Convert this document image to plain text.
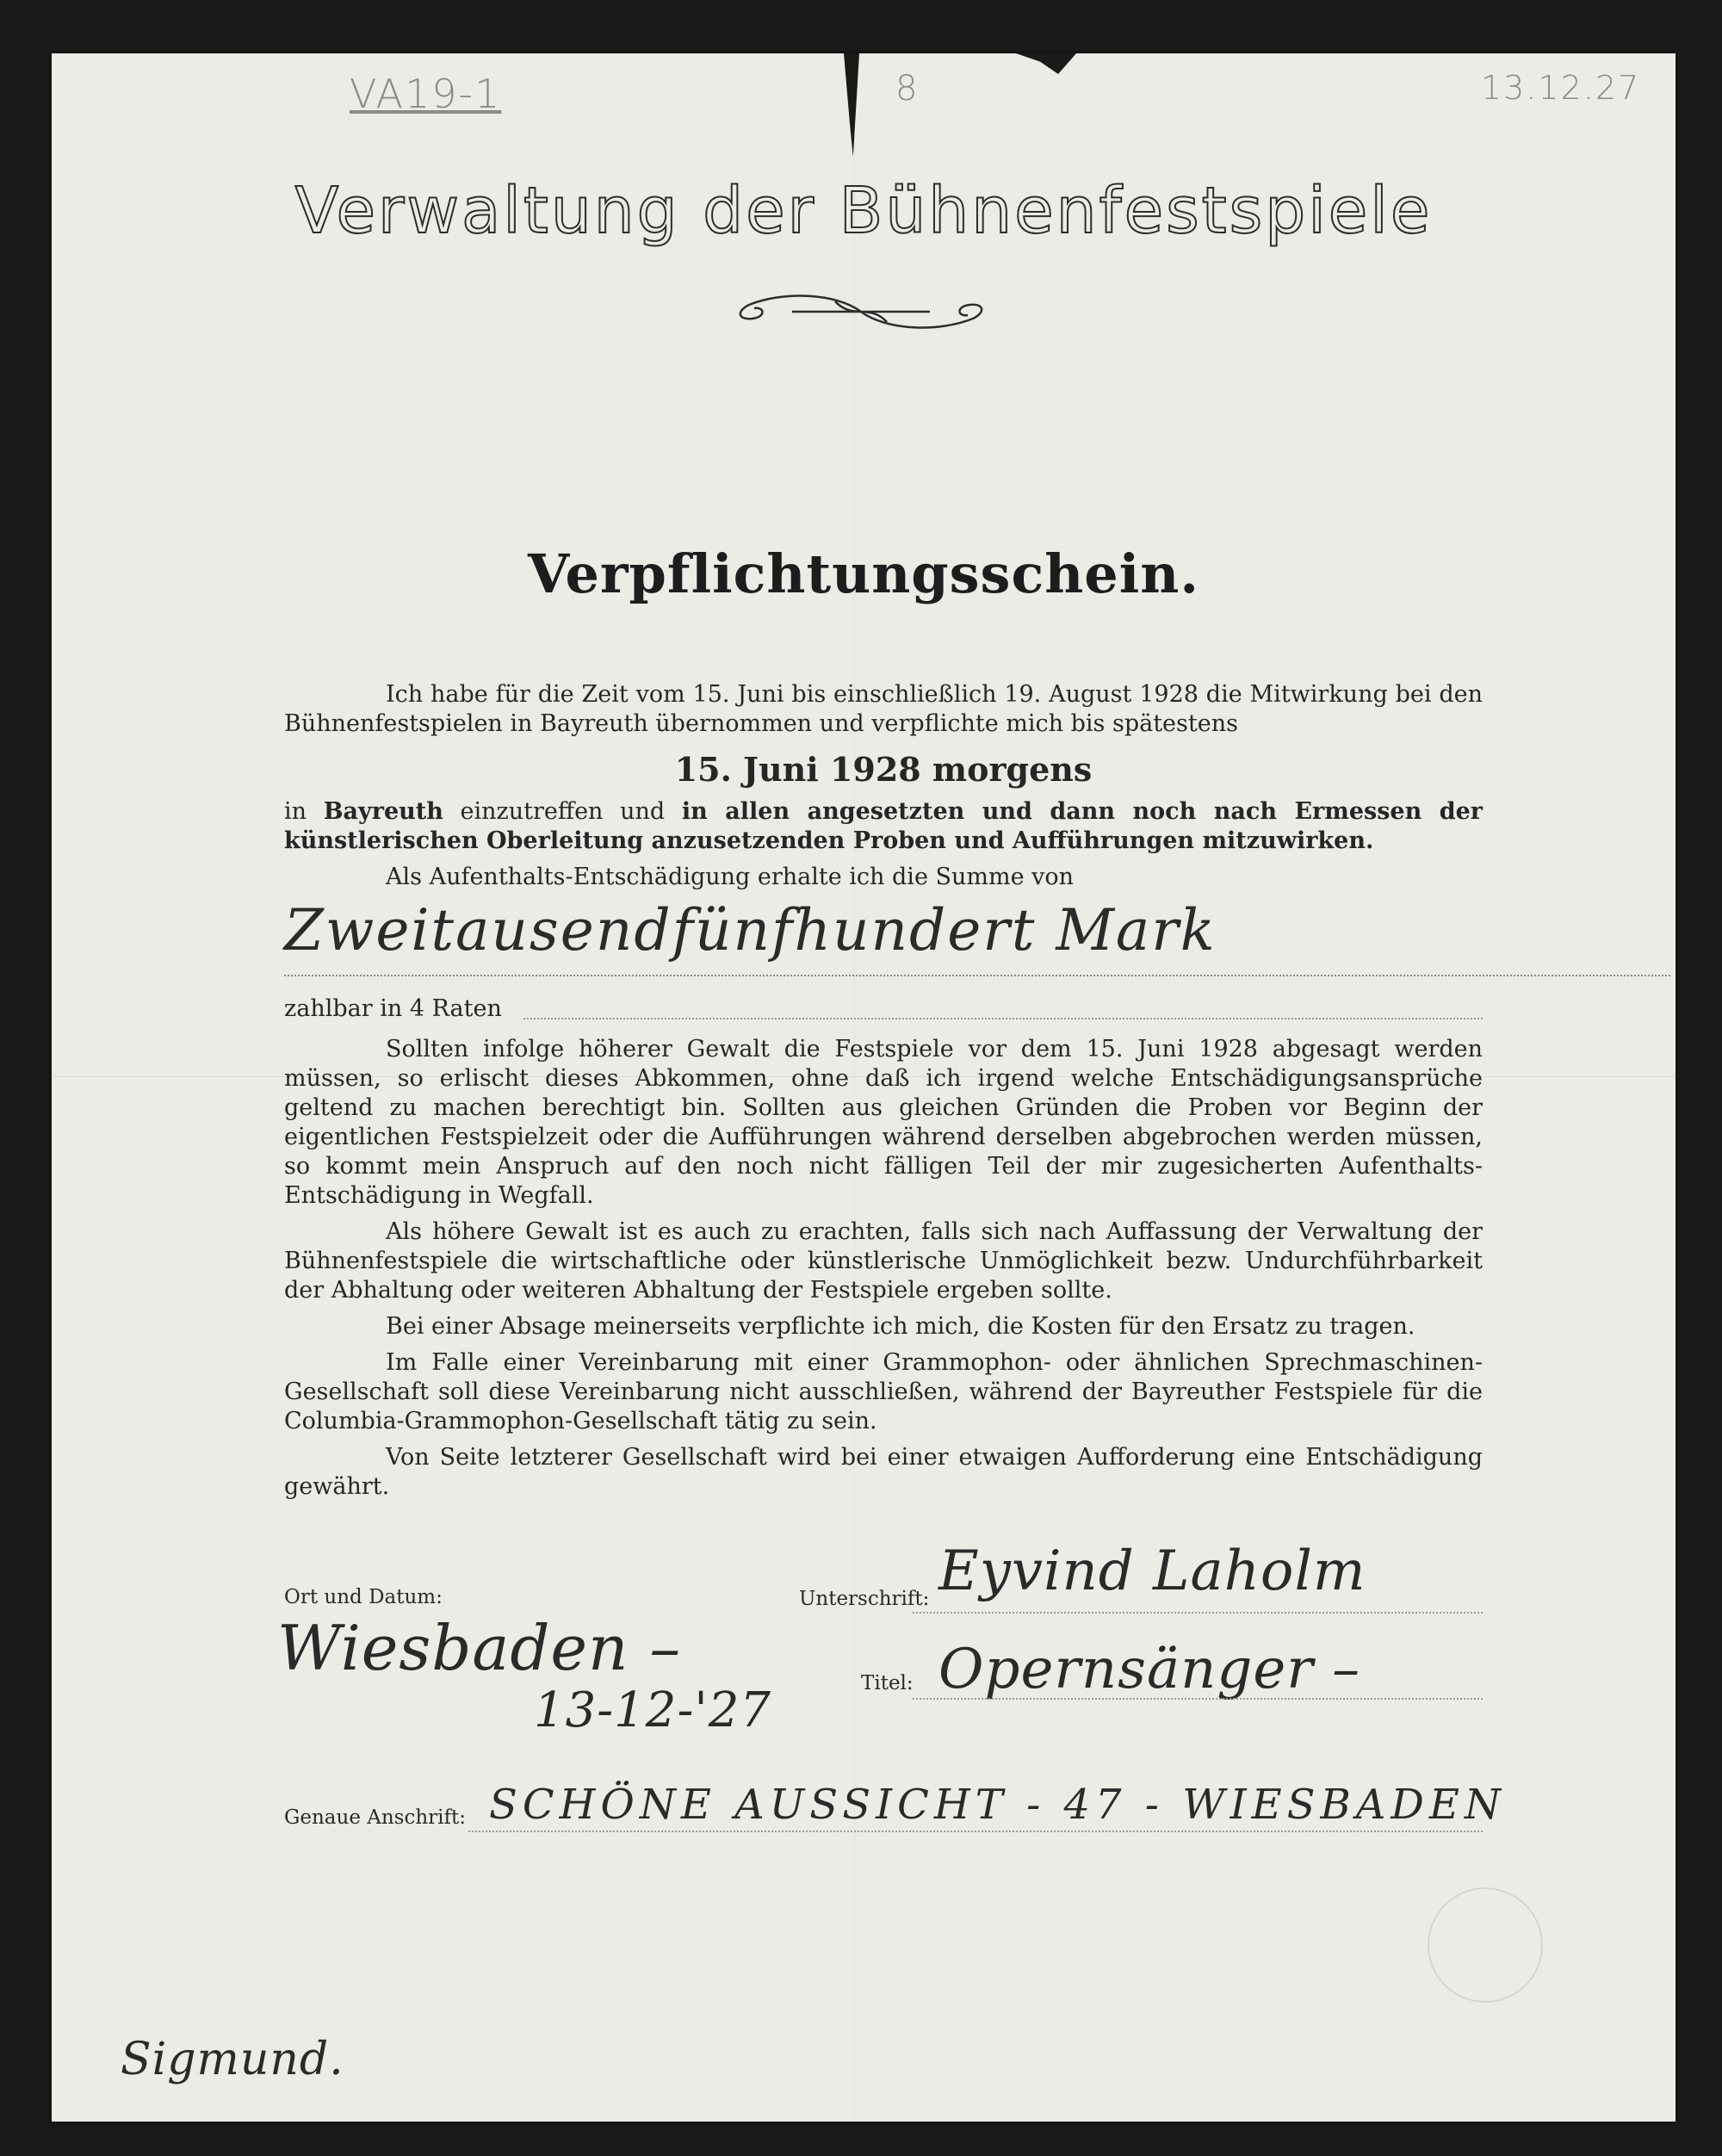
VA19-1	8	13.12.27
Verwaltung der Bühnenfestspiele
Verpflichtungsschein.

Ich habe für die Zeit vom 15. Juni bis einschließlich 19. August 1928 die Mitwirkung bei den Bühnenfestspielen in Bayreuth übernommen und verpflichte mich bis spätestens

15. Juni 1928 morgens

in Bayreuth einzutreffen und in allen angesetzten und dann noch nach Ermessen der künstlerischen Oberleitung anzusetzenden Proben und Aufführungen mitzuwirken.

Als Aufenthalts-Entschädigung erhalte ich die Summe von

Zweitausendfünfhundert Mark
zahlbar in 4 Raten

Sollten infolge höherer Gewalt die Festspiele vor dem 15. Juni 1928 abgesagt werden müssen, so erlischt dieses Abkommen, ohne daß ich irgend welche Entschädigungsansprüche geltend zu machen berechtigt bin. Sollten aus gleichen Gründen die Proben vor Beginn der eigentlichen Festspielzeit oder die Aufführungen während derselben abgebrochen werden müssen, so kommt mein Anspruch auf den noch nicht fälligen Teil der mir zugesicherten Aufenthalts-Entschädigung in Wegfall.

Als höhere Gewalt ist es auch zu erachten, falls sich nach Auffassung der Verwaltung der Bühnenfestspiele die wirtschaftliche oder künstlerische Unmöglichkeit bezw. Undurchführbarkeit der Abhaltung oder weiteren Abhaltung der Festspiele ergeben sollte.

Bei einer Absage meinerseits verpflichte ich mich, die Kosten für den Ersatz zu tragen.

Im Falle einer Vereinbarung mit einer Grammophon- oder ähnlichen Sprechmaschinen-Gesellschaft soll diese Vereinbarung nicht ausschließen, während der Bayreuther Festspiele für die Columbia-Grammophon-Gesellschaft tätig zu sein.

Von Seite letzterer Gesellschaft wird bei einer etwaigen Aufforderung eine Entschädigung gewährt.

Ort und Datum:
Wiesbaden –
13-12-'27
Unterschrift: Eyvind Laholm
Titel: Opernsänger –
Genaue Anschrift: SCHÖNE AUSSICHT - 47 - WIESBADEN
Sigmund.
